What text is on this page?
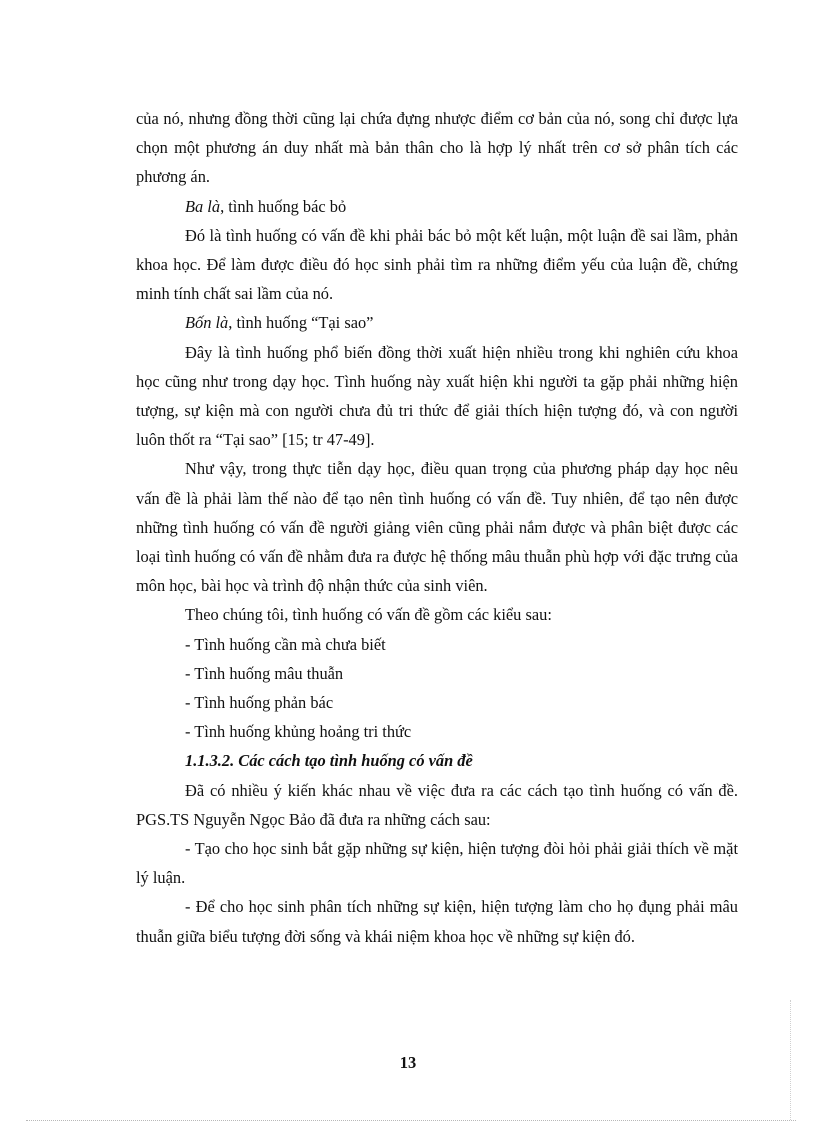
của nó, nhưng đồng thời cũng lại chứa đựng nhược điểm cơ bản của nó, song chỉ được lựa chọn một phương án duy nhất mà bản thân cho là hợp lý nhất trên cơ sở phân tích các phương án.

Ba là, tình huống bác bỏ

Đó là tình huống có vấn đề khi phải bác bỏ một kết luận, một luận đề sai lầm, phản khoa học. Để làm được điều đó học sinh phải tìm ra những điểm yếu của luận đề, chứng minh tính chất sai lầm của nó.

Bốn là, tình huống “Tại sao”

Đây là tình huống phổ biến đồng thời xuất hiện nhiều trong khi nghiên cứu khoa học cũng như trong dạy học. Tình huống này xuất hiện khi người ta gặp phải những hiện tượng, sự kiện mà con người chưa đủ tri thức để giải thích hiện tượng đó, và con người luôn thốt ra “Tại sao” [15; tr 47-49].

Như vậy, trong thực tiễn dạy học, điều quan trọng của phương pháp dạy học nêu vấn đề là phải làm thế nào để tạo nên tình huống có vấn đề. Tuy nhiên, để tạo nên được những tình huống có vấn đề người giảng viên cũng phải nắm được và phân biệt được các loại tình huống có vấn đề nhằm đưa ra được hệ thống mâu thuẫn phù hợp với đặc trưng của môn học, bài học và trình độ nhận thức của sinh viên.

Theo chúng tôi, tình huống có vấn đề gồm các kiểu sau:

- Tình huống cần mà chưa biết

- Tình huống mâu thuẫn

- Tình huống phản bác

- Tình huống khủng hoảng tri thức

1.1.3.2. Các cách tạo tình huống có vấn đề

Đã có nhiều ý kiến khác nhau về việc đưa ra các cách tạo tình huống có vấn đề. PGS.TS Nguyễn Ngọc Bảo đã đưa ra những cách sau:

- Tạo cho học sinh bắt gặp những sự kiện, hiện tượng đòi hỏi phải giải thích về mặt lý luận.

- Để cho học sinh phân tích những sự kiện, hiện tượng làm cho họ đụng phải mâu thuẫn giữa biểu tượng đời sống và khái niệm khoa học về những sự kiện đó.

13
